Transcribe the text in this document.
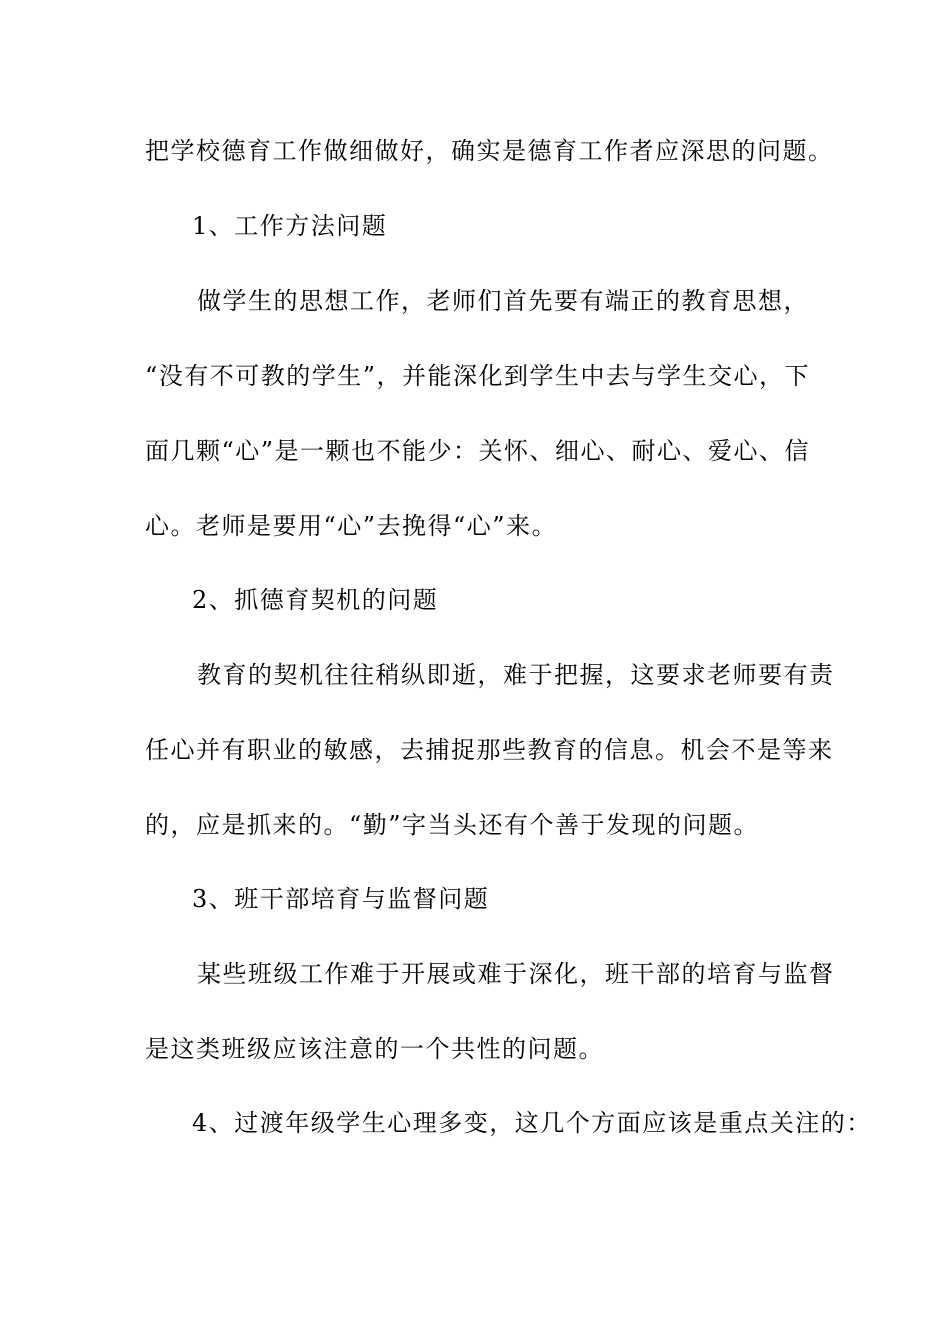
把学校德育工作做细做好，确实是德育工作者应深思的问题。
1、工作方法问题
做学生的思想工作，老师们首先要有端正的教育思想，
“没有不可教的学生”，并能深化到学生中去与学生交心，下
面几颗“心”是一颗也不能少：关怀、细心、耐心、爱心、信
心。老师是要用“心”去挽得“心”来。
2、抓德育契机的问题
教育的契机往往稍纵即逝，难于把握，这要求老师要有责
任心并有职业的敏感，去捕捉那些教育的信息。机会不是等来
的，应是抓来的。“勤”字当头还有个善于发现的问题。
3、班干部培育与监督问题
某些班级工作难于开展或难于深化，班干部的培育与监督
是这类班级应该注意的一个共性的问题。
4、过渡年级学生心理多变，这几个方面应该是重点关注的：
